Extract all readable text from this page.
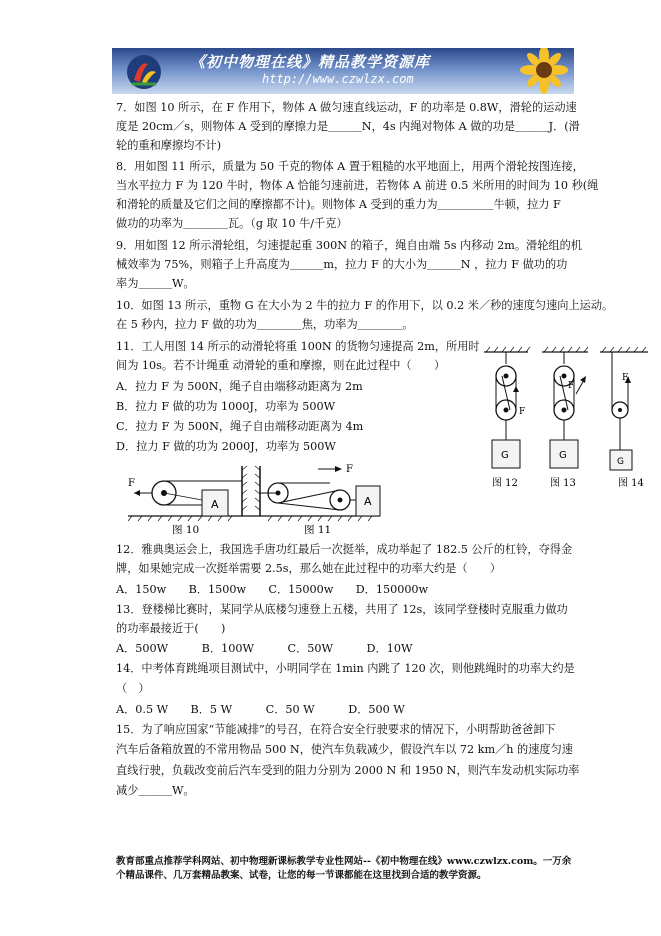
《初中物理在线》精品教学资源库
http://www.czwlzx.com
7．如图 10 所示，在 F 作用下，物体 A 做匀速直线运动，F 的功率是 0.8W，滑轮的运动速
度是 20cm／s，则物体 A 受到的摩擦力是＿＿＿N，4s 内绳对物体 A 做的功是＿＿＿J．(滑
轮的重和摩擦均不计)
8．用如图 11 所示，质量为 50 千克的物体 A 置于粗糙的水平地面上，用两个滑轮按图连接，
当水平拉力 F 为 120 牛时，物体 A 恰能匀速前进，若物体 A 前进 0.5 米所用的时间为 10 秒(绳
和滑轮的质量及它们之间的摩擦都不计)。则物体 A 受到的重力为＿＿＿＿＿牛顿，拉力 F
做功的功率为＿＿＿＿瓦。（g 取 10 牛/千克）
9．用如图 12 所示滑轮组，匀速提起重 300N 的箱子，绳自由端 5s 内移动 2m。滑轮组的机
械效率为 75%，则箱子上升高度为＿＿＿m，拉力 F 的大小为＿＿＿N ，拉力 F 做功的功
率为＿＿＿W。
10．如图 13 所示，重物 G 在大小为 2 牛的拉力 F 的作用下，以 0.2 米／秒的速度匀速向上运动。
在 5 秒内，拉力 F 做的功为＿＿＿＿焦，功率为＿＿＿＿。
11．工人用图 14 所示的动滑轮将重 100N 的货物匀速提高 2m，所用时
间为 10s。若不计绳重 动滑轮的重和摩擦，则在此过程中（　　）
A．拉力 F 为 500N，绳子自由端移动距离为 2m
B．拉力 F 做的功为 1000J，功率为 500W
C．拉力 F 为 500N，绳子自由端移动距离为 4m
D．拉力 F 做的功为 2000J，功率为 500W
12．雅典奥运会上，我国选手唐功红最后一次挺举，成功举起了 182.5 公斤的杠铃，夺得金
牌，如果她完成一次挺举需要 2.5s，那么她在此过程中的功率大约是（　　）
A．150w　　B．1500w　　C．15000w　　D．150000w
13．登楼梯比赛时，某同学从底楼匀速登上五楼，共用了 12s，该同学登楼时克服重力做功
的功率最接近于(　　)
A．500W　　　B．100W　　　C．50W　　　D．10W
14．中考体育跳绳项目测试中，小明同学在 1min 内跳了 120 次，则他跳绳时的功率大约是
（　）
A．0.5 W　　B．5 W　　　C．50 W　　　D．500 W
15．为了响应国家“节能减排”的号召，在符合安全行驶要求的情况下，小明帮助爸爸卸下
汽车后备箱放置的不常用物品 500 N，使汽车负载减少，假设汽车以 72 km／h 的速度匀速
直线行驶，负载改变前后汽车受到的阻力分别为 2000 N 和 1950 N，则汽车发动机实际功率
减少＿＿＿W。
A
F
F
A
图 10	图 11
F
G
图 12
F
G
图 13
F
G
图 14
教育部重点推荐学科网站、初中物理新课标教学专业性网站--《初中物理在线》www.czwlzx.com。一万余
个精品课件、几万套精品教案、试卷，让您的每一节课都能在这里找到合适的教学资源。
